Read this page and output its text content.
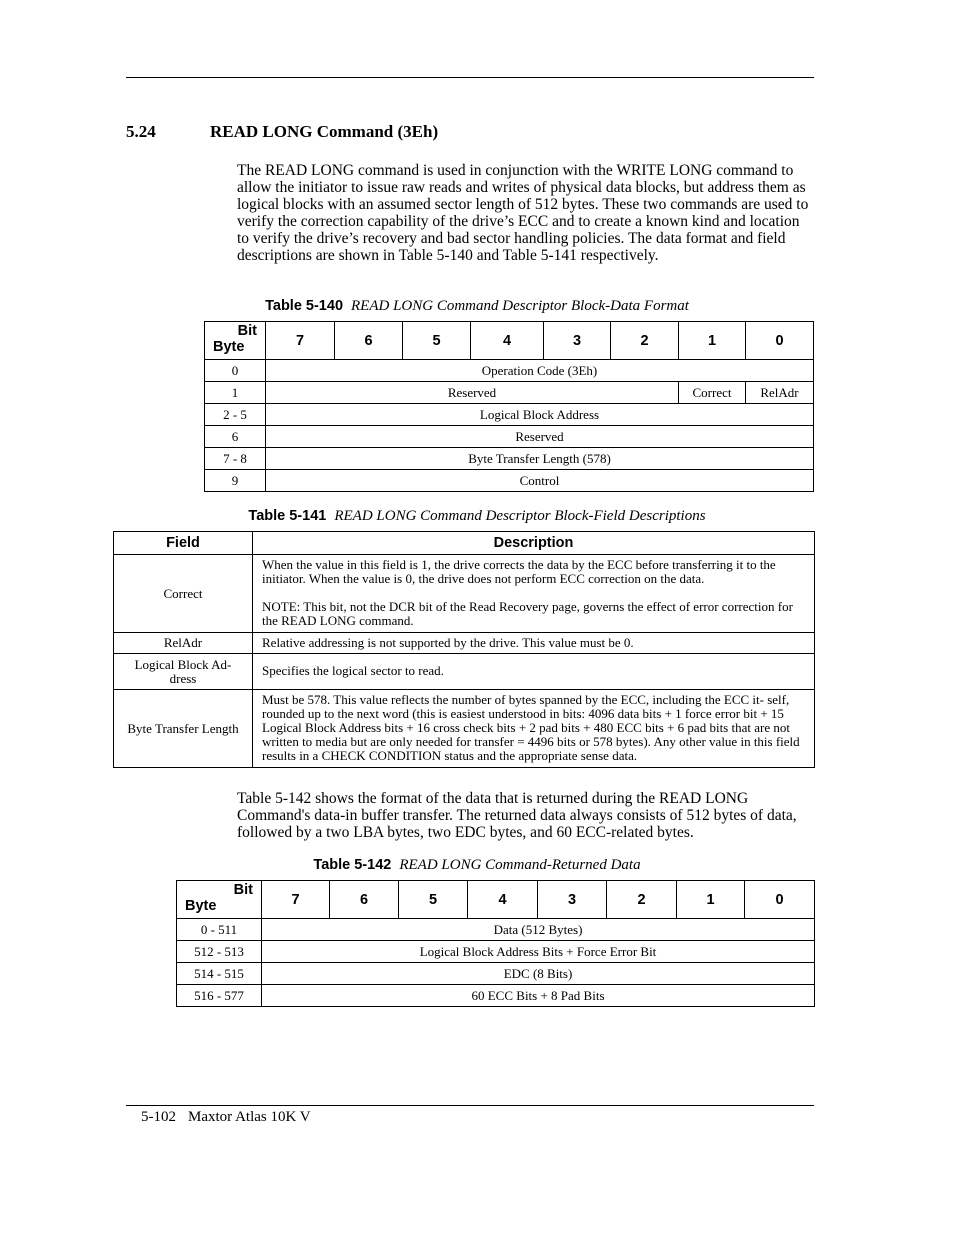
5.24	READ LONG Command (3Eh)

The READ LONG command is used in conjunction with the WRITE LONG command to allow the initiator to issue raw reads and writes of physical data blocks, but address them as logical blocks with an assumed sector length of 512 bytes. These two commands are used to verify the correction capability of the drive’s ECC and to create a known kind and location to verify the drive’s recovery and bad sector handling policies. The data format and field descriptions are shown in Table 5-140 and Table 5-141 respectively.

Table 5-140 READ LONG Command Descriptor Block-Data Format
Bit
Byte	7	6	5	4	3	2	1	0
0	Operation Code (3Eh)							
1	Reserved						Correct	RelAdr
2 - 5	Logical Block Address							
6	Reserved							
7 - 8	Byte Transfer Length (578)							
9	Control							
Table 5-141 READ LONG Command Descriptor Block-Field Descriptions
Field	Description
Correct	When the value in this field is 1, the drive corrects the data by the ECC before transferring it to the initiator. When the value is 0, the drive does not perform ECC correction on the data.

NOTE: This bit, not the DCR bit of the Read Recovery page, governs the effect of error correction for the READ LONG command.

RelAdr	Relative addressing is not supported by the drive. This value must be 0.
Logical Block Ad- dress	Specifies the logical sector to read.
Byte Transfer Length	Must be 578. This value reflects the number of bytes spanned by the ECC, including the ECC it- self, rounded up to the next word (this is easiest understood in bits: 4096 data bits + 1 force error bit + 15 Logical Block Address bits + 16 cross check bits + 2 pad bits + 480 ECC bits + 6 pad bits that are not written to media but are only needed for transfer = 4496 bits or 578 bytes). Any other value in this field results in a CHECK CONDITION status and the appropriate sense data.

Table 5-142 shows the format of the data that is returned during the READ LONG Command's data-in buffer transfer. The returned data always consists of 512 bytes of data, followed by a two LBA bytes, two EDC bytes, and 60 ECC-related bytes.

Table 5-142 READ LONG Command-Returned Data
Bit
Byte	7	6	5	4	3	2	1	0
0 - 511	Data (512 Bytes)							
512 - 513	Logical Block Address Bits + Force Error Bit							
514 - 515	EDC (8 Bits)							
516 - 577	60 ECC Bits + 8 Pad Bits							
5-102 Maxtor Atlas 10K V
